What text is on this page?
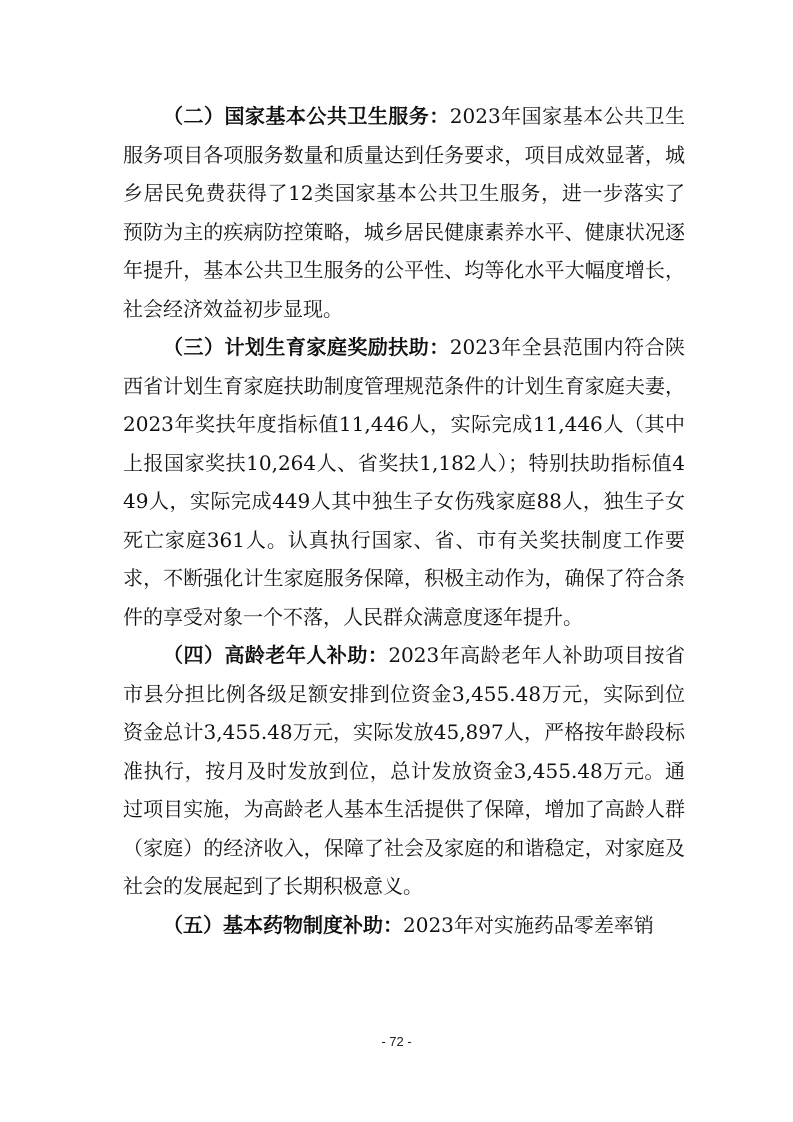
（二）国家基本公共卫生服务：2023年国家基本公共卫生服务项目各项服务数量和质量达到任务要求，项目成效显著，城乡居民免费获得了12类国家基本公共卫生服务，进一步落实了预防为主的疾病防控策略，城乡居民健康素养水平、健康状况逐年提升，基本公共卫生服务的公平性、均等化水平大幅度增长，社会经济效益初步显现。

（三）计划生育家庭奖励扶助：2023年全县范围内符合陕西省计划生育家庭扶助制度管理规范条件的计划生育家庭夫妻，2023年奖扶年度指标值11,446人，实际完成11,446人（其中上报国家奖扶10,264人、省奖扶1,182人）；特别扶助指标值449人，实际完成449人其中独生子女伤残家庭88人，独生子女死亡家庭361人。认真执行国家、省、市有关奖扶制度工作要求，不断强化计生家庭服务保障，积极主动作为，确保了符合条件的享受对象一个不落，人民群众满意度逐年提升。

（四）高龄老年人补助：2023年高龄老年人补助项目按省市县分担比例各级足额安排到位资金3,455.48万元，实际到位资金总计3,455.48万元，实际发放45,897人，严格按年龄段标准执行，按月及时发放到位，总计发放资金3,455.48万元。通过项目实施，为高龄老人基本生活提供了保障，增加了高龄人群（家庭）的经济收入，保障了社会及家庭的和谐稳定，对家庭及社会的发展起到了长期积极意义。

（五）基本药物制度补助：2023年对实施药品零差率销

- 72 -
